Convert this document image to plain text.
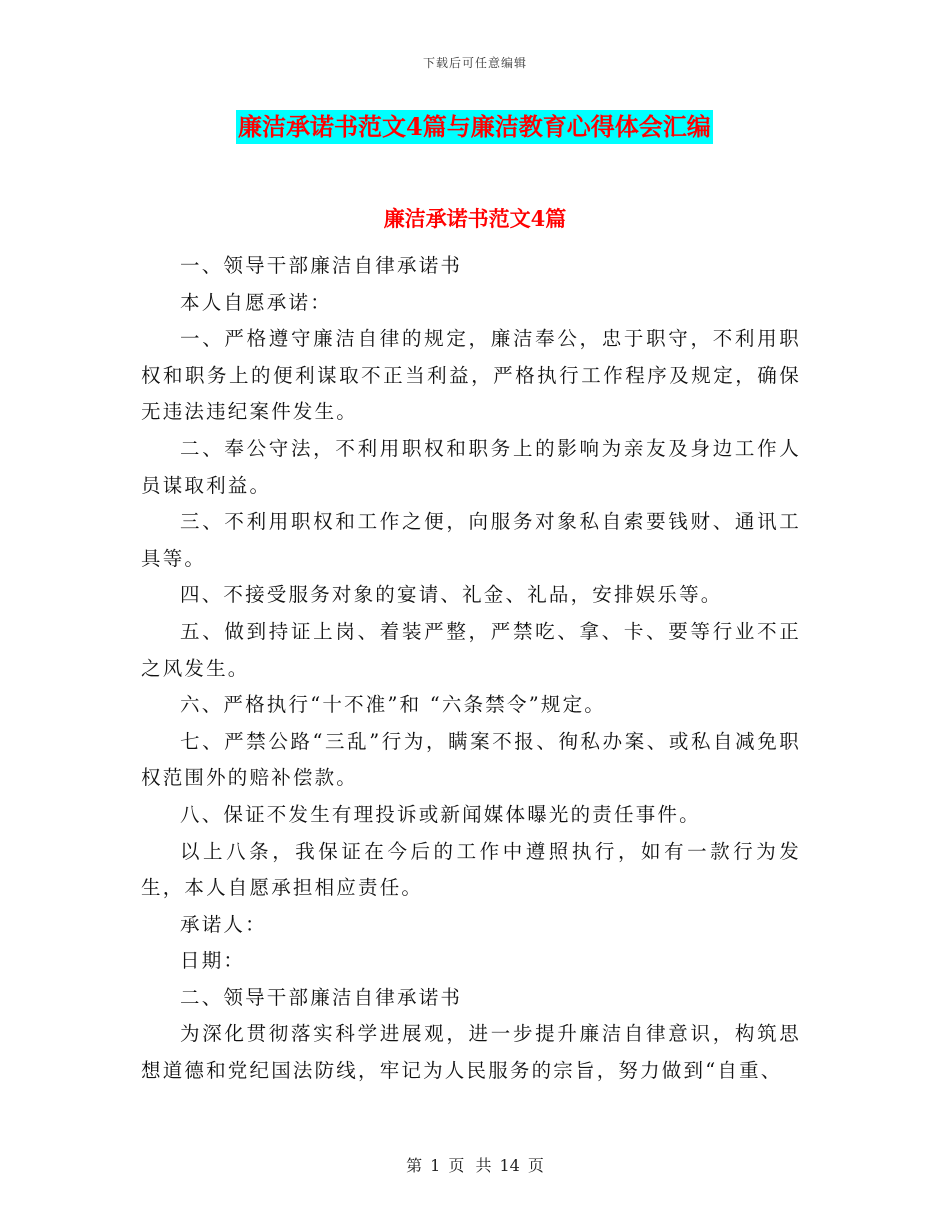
下载后可任意编辑
廉洁承诺书范文4篇与廉洁教育心得体会汇编
廉洁承诺书范文4篇

一、领导干部廉洁自律承诺书

本人自愿承诺：

一、严格遵守廉洁自律的规定，廉洁奉公，忠于职守，不利用职权和职务上的便利谋取不正当利益，严格执行工作程序及规定，确保无违法违纪案件发生。

二、奉公守法，不利用职权和职务上的影响为亲友及身边工作人员谋取利益。

三、不利用职权和工作之便，向服务对象私自索要钱财、通讯工具等。

四、不接受服务对象的宴请、礼金、礼品，安排娱乐等。

五、做到持证上岗、着装严整，严禁吃、拿、卡、要等行业不正之风发生。

六、严格执行“十不准”和 “六条禁令”规定。

七、严禁公路“三乱”行为，瞒案不报、徇私办案、或私自减免职权范围外的赔补偿款。

八、保证不发生有理投诉或新闻媒体曝光的责任事件。

以上八条，我保证在今后的工作中遵照执行，如有一款行为发生，本人自愿承担相应责任。

承诺人：

日期：

二、领导干部廉洁自律承诺书

为深化贯彻落实科学进展观，进一步提升廉洁自律意识，构筑思想道德和党纪国法防线，牢记为人民服务的宗旨，努力做到“自重、

第 1 页 共 14 页
